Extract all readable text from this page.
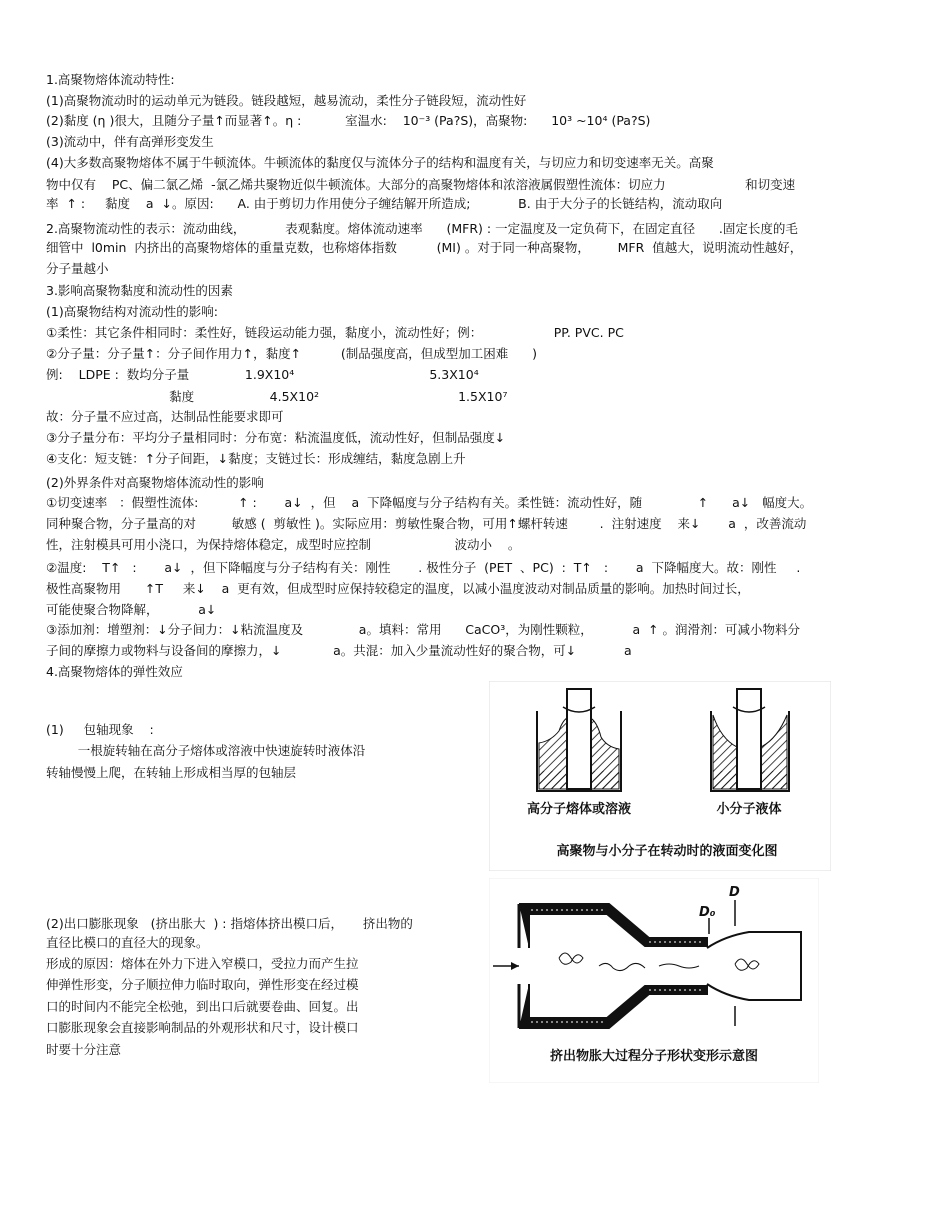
1.高聚物熔体流动特性:
(1)高聚物流动时的运动单元为链段。链段越短，越易流动，柔性分子链段短，流动性好
(2)黏度 (η )很大，且随分子量↑而显著↑。η :           室温水:    10⁻³ (Pa?S)，高聚物:      10³ ~10⁴ (Pa?S)
(3)流动中，伴有高弹形变发生
(4)大多数高聚物熔体不属于牛顿流体。牛顿流体的黏度仅与流体分子的结构和温度有关，与切应力和切变速率无关。高聚
物中仅有    PC、偏二氯乙烯  -氯乙烯共聚物近似牛顿流体。大部分的高聚物熔体和浓溶液属假塑性流体：切应力                    和切变速
率  ↑ :     黏度    a  ↓。原因:      A. 由于剪切力作用使分子缠结解开所造成;            B. 由于大分子的长链结构，流动取向
2.高聚物流动性的表示：流动曲线，          表观黏度。熔体流动速率      (MFR) : 一定温度及一定负荷下，在固定直径      .固定长度的毛
细管中  l0min  内挤出的高聚物熔体的重量克数，也称熔体指数          (MI) 。对于同一种高聚物，       MFR  值越大，说明流动性越好，
分子量越小
3.影响高聚物黏度和流动性的因素
(1)高聚物结构对流动性的影响:
①柔性：其它条件相同时：柔性好，链段运动能力强，黏度小，流动性好；例：                  PP. PVC. PC
②分子量：分子量↑：分子间作用力↑，黏度↑          (制品强度高，但成型加工困难      )
例:    LDPE :  数均分子量              1.9X10⁴                                  5.3X10⁴
黏度                   4.5X10²                                   1.5X10⁷
故：分子量不应过高，达制品性能要求即可
③分子量分布：平均分子量相同时：分布宽：粘流温度低，流动性好，但制品强度↓
④支化：短支链：↑分子间距，↓黏度；支链过长：形成缠结，黏度急剧上升
(2)外界条件对高聚物熔体流动性的影响
①切变速率   ：假塑性流体:          ↑ :       a↓  ，但    a  下降幅度与分子结构有关。柔性链：流动性好，随              ↑      a↓   幅度大。
同种聚合物，分子量高的对         敏感 (  剪敏性 )。实际应用：剪敏性聚合物，可用↑螺杆转速        .  注射速度    来↓       a  ，改善流动
性，注射模具可用小浇口，为保持熔体稳定，成型时应控制                     波动小    。
②温度:    T↑   :       a↓  ，但下降幅度与分子结构有关：刚性       . 极性分子  (PET  、PC)  :  T↑   :       a  下降幅度大。故：刚性     .
极性高聚物用      ↑T     来↓    a  更有效，但成型时应保持较稳定的温度，以减小温度波动对制品质量的影响。加热时间过长，
可能使聚合物降解，          a↓
③添加剂：增塑剂：↓分子间力：↓粘流温度及              a。填料：常用      CaCO³，为刚性颗粒，          a  ↑ 。润滑剂：可减小物料分
子间的摩擦力或物料与设备间的摩擦力，↓             a。共混：加入少量流动性好的聚合物，可↓            a
4.高聚物熔体的弹性效应
(1)     包轴现象    :
一根旋转轴在高分子熔体或溶液中快速旋转时液体沿
转轴慢慢上爬，在转轴上形成相当厚的包轴层
(2)出口膨胀现象   (挤出胀大  ) : 指熔体挤出模口后，     挤出物的
直径比模口的直径大的现象。
形成的原因：熔体在外力下进入窄模口，受拉力而产生拉
伸弹性形变，分子顺拉伸力临时取向，弹性形变在经过模
口的时间内不能完全松弛，到出口后就要卷曲、回复。出
口膨胀现象会直接影响制品的外观形状和尺寸，设计模口
时要十分注意
高分子熔体或溶液	小分子液体
高聚物与小分子在转动时的液面变化图
D₀
D
挤出物胀大过程分子形状变形示意图
